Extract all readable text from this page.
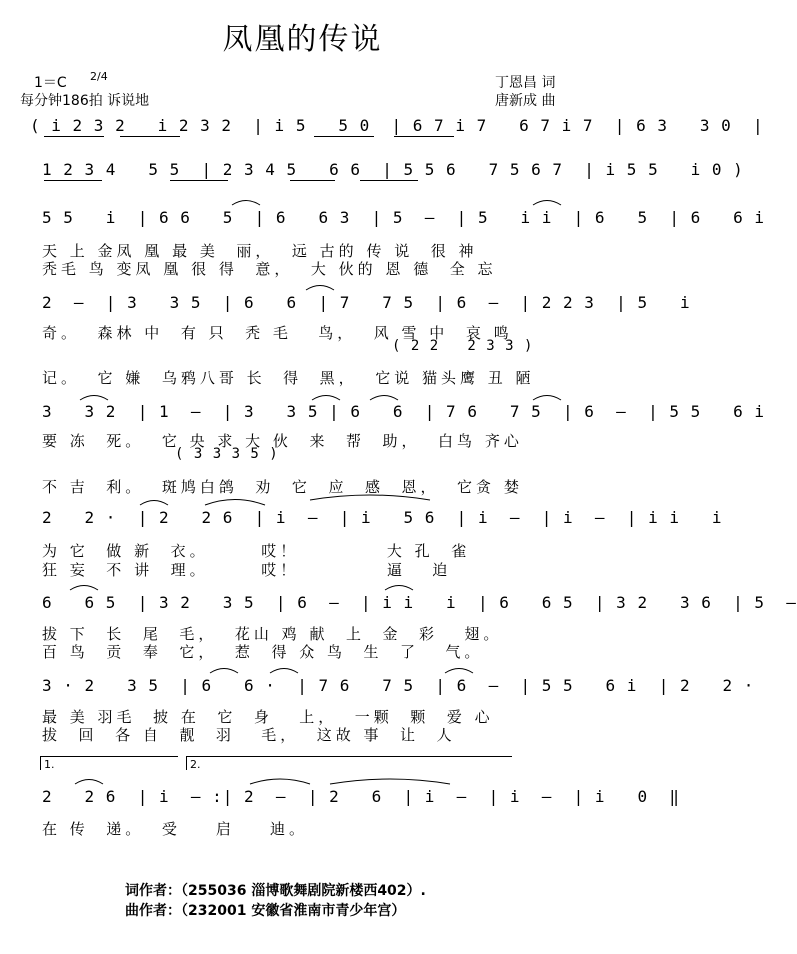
凤凰的传说
1＝C 2/4
每分钟186拍 诉说地
丁恩昌 词
唐新成 曲
( i 2 3 2   i 2 3 2  | i 5   5 0  | 6 7 i 7   6 7 i 7  | 6 3   3 0  |
1 2 3 4   5 5  | 2 3 4 5   6 6  | 5 5 6   7 5 6 7  | i 5 5   i 0 )
5 5   i  | 6 6   5  | 6   6 3  | 5  –  | 5   i i  | 6   5  | 6   6 i
天 上 金凤 凰 最 美  丽，  远 古的 传 说  很 神
秃毛 鸟 变凤 凰 很 得  意，  大 伙的 恩 德  全 忘
2  –  | 3   3 5  | 6   6  | 7   7 5  | 6  –  | 2 2 3  | 5   i
奇。  森林 中  有 只  秃 毛   鸟，  风 雪 中  哀 鸣
( 2 2   2 3 3 )
记。  它 嫌  乌鸦八哥 长  得  黑，  它说 猫头鹰 丑 陋
3   3 2  | 1  –  | 3   3 5 | 6   6  | 7 6   7 5  | 6  –  | 5 5   6 i
要 冻  死。  它 央 求 大 伙  来  帮  助，  白鸟 齐心
( 3 3 3 5 )
不 吉  利。  斑鸠白鸽  劝  它  应  感  恩，  它贪 婪
2   2 ·  | 2   2 6  | i  –  | i   5 6  | i  –  | i  –  | i i   i
为 它  做 新  衣。      哎！          大 孔  雀
狂 妄  不 讲  理。      哎！          逼   迫
6   6 5  | 3 2   3 5  | 6  –  | i i   i  | 6   6 5  | 3 2   3 6  | 5  –
拔 下  长  尾  毛，  花山 鸡 献  上  金  彩   翅。
百 鸟  贡  奉  它，  惹  得 众 鸟  生  了   气。
3 · 2   3 5  | 6   6 ·  | 7 6   7 5  | 6  –  | 5 5   6 i  | 2   2 ·
最 美 羽毛  披 在  它  身   上，  一颗  颗  爱 心
拔  回  各 自  靓  羽   毛，  这故 事  让  人
1.	2.
2   2 6  | i  – :| 2  –  | 2   6  | i  –  | i  –  | i   0  ‖
在 传  递。  受    启    迪。
词作者：（255036 淄博歌舞剧院新楼西402）.
曲作者：（232001 安徽省淮南市青少年宫）
